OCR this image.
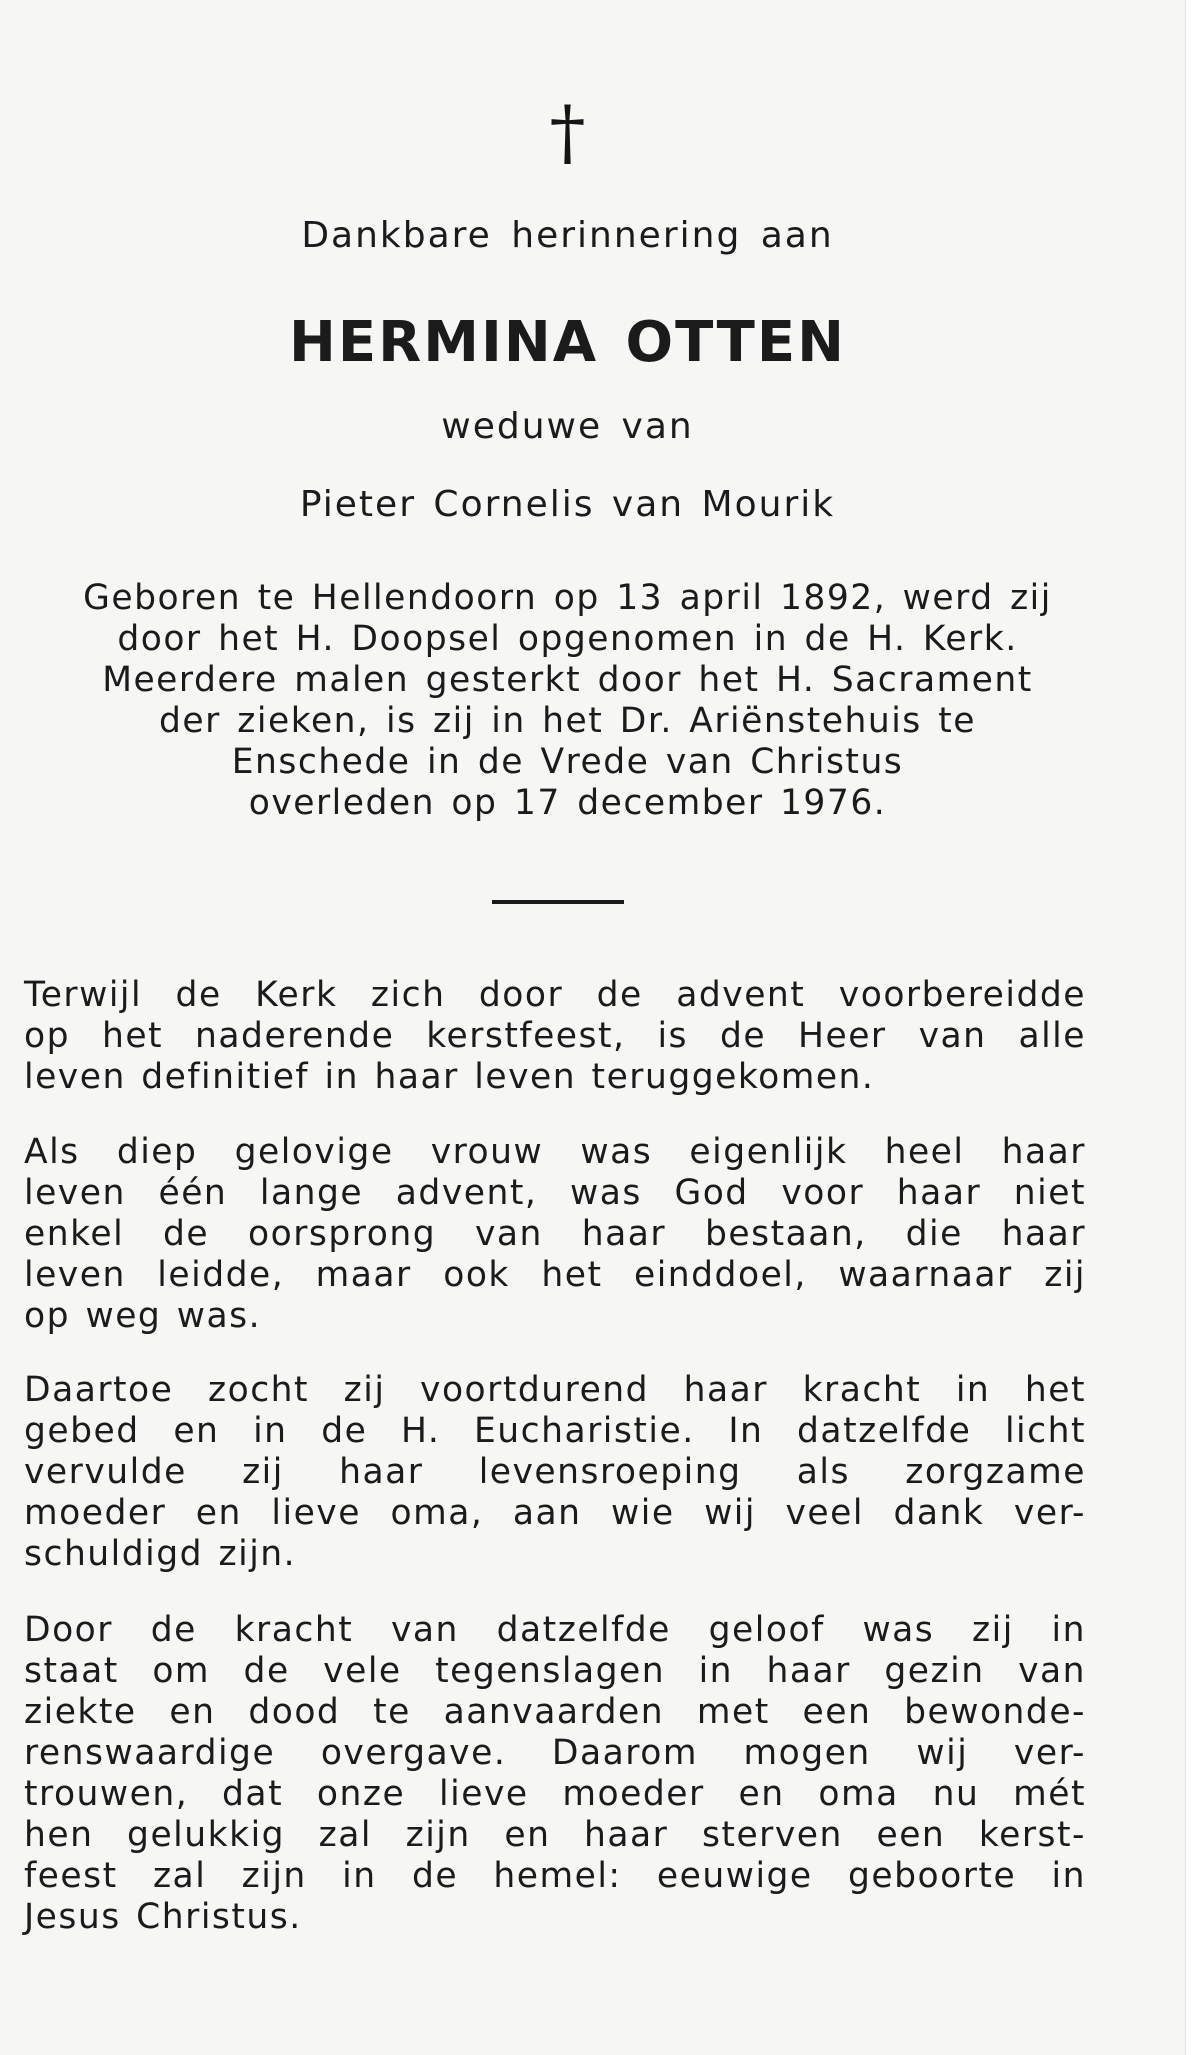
†
Dankbare herinnering aan
HERMINA OTTEN
weduwe van
Pieter Cornelis van Mourik
Geboren te Hellendoorn op 13 april 1892, werd zij
door het H. Doopsel opgenomen in de H. Kerk.
Meerdere malen gesterkt door het H. Sacrament
der zieken, is zij in het Dr. Ariënstehuis te
Enschede in de Vrede van Christus
overleden op 17 december 1976.
Terwijl de Kerk zich door de advent voorbereidde
op het naderende kerstfeest, is de Heer van alle
leven definitief in haar leven teruggekomen.
Als diep gelovige vrouw was eigenlijk heel haar
leven één lange advent, was God voor haar niet
enkel de oorsprong van haar bestaan, die haar
leven leidde, maar ook het einddoel, waarnaar zij
op weg was.
Daartoe zocht zij voortdurend haar kracht in het
gebed en in de H. Eucharistie. In datzelfde licht
vervulde zij haar levensroeping als zorgzame
moeder en lieve oma, aan wie wij veel dank ver-
schuldigd zijn.
Door de kracht van datzelfde geloof was zij in
staat om de vele tegenslagen in haar gezin van
ziekte en dood te aanvaarden met een bewonde-
renswaardige overgave. Daarom mogen wij ver-
trouwen, dat onze lieve moeder en oma nu mét
hen gelukkig zal zijn en haar sterven een kerst-
feest zal zijn in de hemel: eeuwige geboorte in
Jesus Christus.
